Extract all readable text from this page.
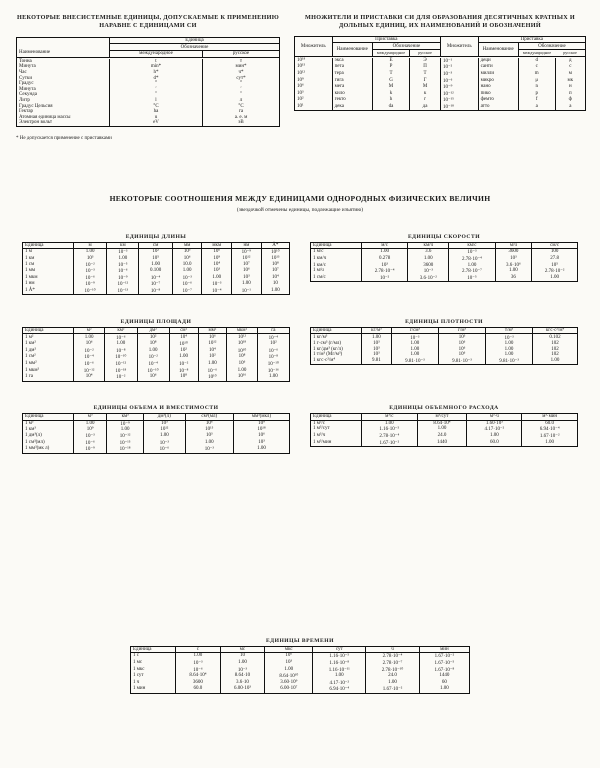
НЕКОТОРЫЕ ВНЕСИСТЕМНЫЕ ЕДИНИЦЫ, ДОПУСКАЕМЫЕ К ПРИМЕНЕНИЮ НАРАВНЕ С ЕДИНИЦАМИ СИ
Наименование	Единица	
	Обозначение	
	международное	русское

Тонна	t	т
Минута	min*	мин*
Час	h*	ч*
Сутки	d*	сут*
Градус	°	°
Минута	′	′
Секунда	″	″
Литр	l	л
Градус Цельсия	°C	°С
Гектар	ha	га
Атомная единица массы	u	а. е. м
Электрон вольт	eV	эВ
* Не допускается применение с приставками
МНОЖИТЕЛИ И ПРИСТАВКИ СИ ДЛЯ ОБРАЗОВАНИЯ ДЕСЯТИЧНЫХ КРАТНЫХ И ДОЛЬНЫХ ЕДИНИЦ, ИХ НАИМЕНОВАНИЙ И ОБОЗНАЧЕНИЙ
Множитель	Приставка			Множитель	Приставка		
	Наименование	Обозначение			Наименование	Обозначение	
		международное	русское			международное	русское

10¹⁸	экса	E	Э	10⁻¹	деци	d	д
10¹⁵	пета	P	П	10⁻²	санти	c	с
10¹²	тера	T	Т	10⁻³	милли	m	м
10⁹	гига	G	Г	10⁻⁶	микро	μ	мк
10⁶	мега	M	М	10⁻⁹	нано	n	н
10³	кило	k	к	10⁻¹²	пико	p	п
10²	гекто	h	г	10⁻¹⁵	фемто	f	ф
10¹	дека	da	да	10⁻¹⁸	атто	a	а
НЕКОТОРЫЕ СООТНОШЕНИЯ МЕЖДУ ЕДИНИЦАМИ ОДНОРОДНЫХ ФИЗИЧЕСКИХ ВЕЛИЧИН
(звездочкой отмечены единицы, подлежащие изъятию)
ЕДИНИЦЫ ДЛИНЫ
Единица	м	км	см	мм	мкм	нм	Å*
1 м	1.00	10⁻³	10²	10³	10⁶	10⁻⁹	10¹⁰
1 км	10³	1.00	10⁵	10⁶	10⁹	10¹²	10¹³
1 см	10⁻²	10⁻⁵	1.00	10.0	10⁴	10⁷	10⁸
1 мм	10⁻³	10⁻⁶	0.100	1.00	10³	10⁶	10⁷
1 мкм	10⁻⁶	10⁻⁹	10⁻⁴	10⁻³	1.00	10³	10⁴
1 нм	10⁻⁹	10⁻¹²	10⁻⁷	10⁻⁶	10⁻³	1.00	10
1 Å*	10⁻¹⁰	10⁻¹³	10⁻⁸	10⁻⁷	10⁻⁴	10⁻¹	1.00
ЕДИНИЦЫ СКОРОСТИ
Единица	м/с	км/ч	км/с	м/ч	см/с
1 м/с	1.00	3.6	10⁻³	3600	100
1 км/ч	0.278	1.00	2.78·10⁻⁴	10³	27.8
1 км/с	10³	3600	1.00	3.6·10⁶	10⁵
1 м/ч	2.78·10⁻⁴	10⁻³	2.78·10⁻⁷	1.00	2.78·10⁻²
1 см/с	10⁻²	3.6·10⁻²	10⁻⁵	36	1.00
ЕДИНИЦЫ ПЛОЩАДИ
Единица	м²	км²	дм²	см²	мм²	мкм²	га
1 м²	1.00	10⁻⁶	10²	10⁴	10⁶	10¹²	10⁻⁴
1 км²	10⁶	1.00	10⁸	10¹⁰	10¹²	10¹⁸	10²
1 дм²	10⁻²	10⁻⁸	1.00	10²	10⁴	10¹⁰	10⁻⁶
1 см²	10⁻⁴	10⁻¹⁰	10⁻²	1.00	10²	10⁸	10⁻⁸
1 мм²	10⁻⁶	10⁻¹²	10⁻⁴	10⁻²	1.00	10⁶	10⁻¹⁰
1 мкм²	10⁻¹²	10⁻¹⁸	10⁻¹⁰	10⁻⁸	10⁻⁶	1.00	10⁻¹⁶
1 га	10⁴	10⁻²	10⁶	10⁸	10¹⁰	10¹⁶	1.00
ЕДИНИЦЫ ПЛОТНОСТИ
Единица	кг/м³	г/см³	г/м³	т/м³	кгс·с²/м⁴
1 кг/м³	1.00	10⁻³	10³	10⁻³	0.102
1 г·см³ (г/мл)	10³	1.00	10⁶	1.00	102
1 кг/дм³ (кг/л)	10³	1.00	10⁶	1.00	102
1 т/м³ (Мг/м³)	10³	1.00	10⁶	1.00	102
1 кгс·с²/м⁴	9.81	9.81·10⁻³	9.81·10⁻³	9.81·10⁻³	1.00
ЕДИНИЦЫ ОБЪЕМА И ВМЕСТИМОСТИ
Единица	м³	км³	дм³(л)	см³(мл)	мм³(мкл)
1 м³	1.00	10⁻⁹	10³	10⁶	10⁹
1 км³	10⁹	1.00	10¹²	10¹⁵	10¹⁸
1 дм³(л)	10⁻³	10⁻¹²	1.00	10³	10⁶
1 см³(мл)	10⁻⁶	10⁻¹⁵	10⁻³	1.00	10³
1 мм³(мк л)	10⁻⁹	10⁻¹⁸	10⁻⁶	10⁻³	1.00
ЕДИНИЦЫ ОБЪЕМНОГО РАСХОДА
Единица	м³/с	м³/сут	м³·ч	м³·мин
1 м³/с	1.00	8.64·10⁴	1.60·10³	60.0
1 м³/сут	1.16·10⁻⁵	1.00	4.17·10⁻²	6.94·10⁻⁴
1 м³/ч	2.78·10⁻⁴	24.0	1.00	1.67·10⁻²
1 м³/мин	1.67·10⁻²	1440	60.0	1.00
ЕДИНИЦЫ ВРЕМЕНИ
Единица	с	мс	мкс	сут	ч	мин
1 с	1.00	10	10⁶	1.16·10⁻⁵	2.78·10⁻⁴	1.67·10⁻²
1 мс	10⁻³	1.00	10³	1.16·10⁻⁸	2.78·10⁻⁷	1.67·10⁻⁵
1 мкс	10⁻⁶	10⁻³	1.00	1.16·10⁻¹¹	2.78·10⁻¹⁰	1.67·10⁻⁸
1 сут	8.64·10⁴	8.64·10	8.64·10¹⁰	1.00	24.0	1440
1 ч	3600	3.6·10	3.60·10⁹	4.17·10⁻²	1.00	60
1 мин	60.0	6.00·10³	6.00·10⁷	6.94·10⁻⁴	1.67·10⁻²	1.00
